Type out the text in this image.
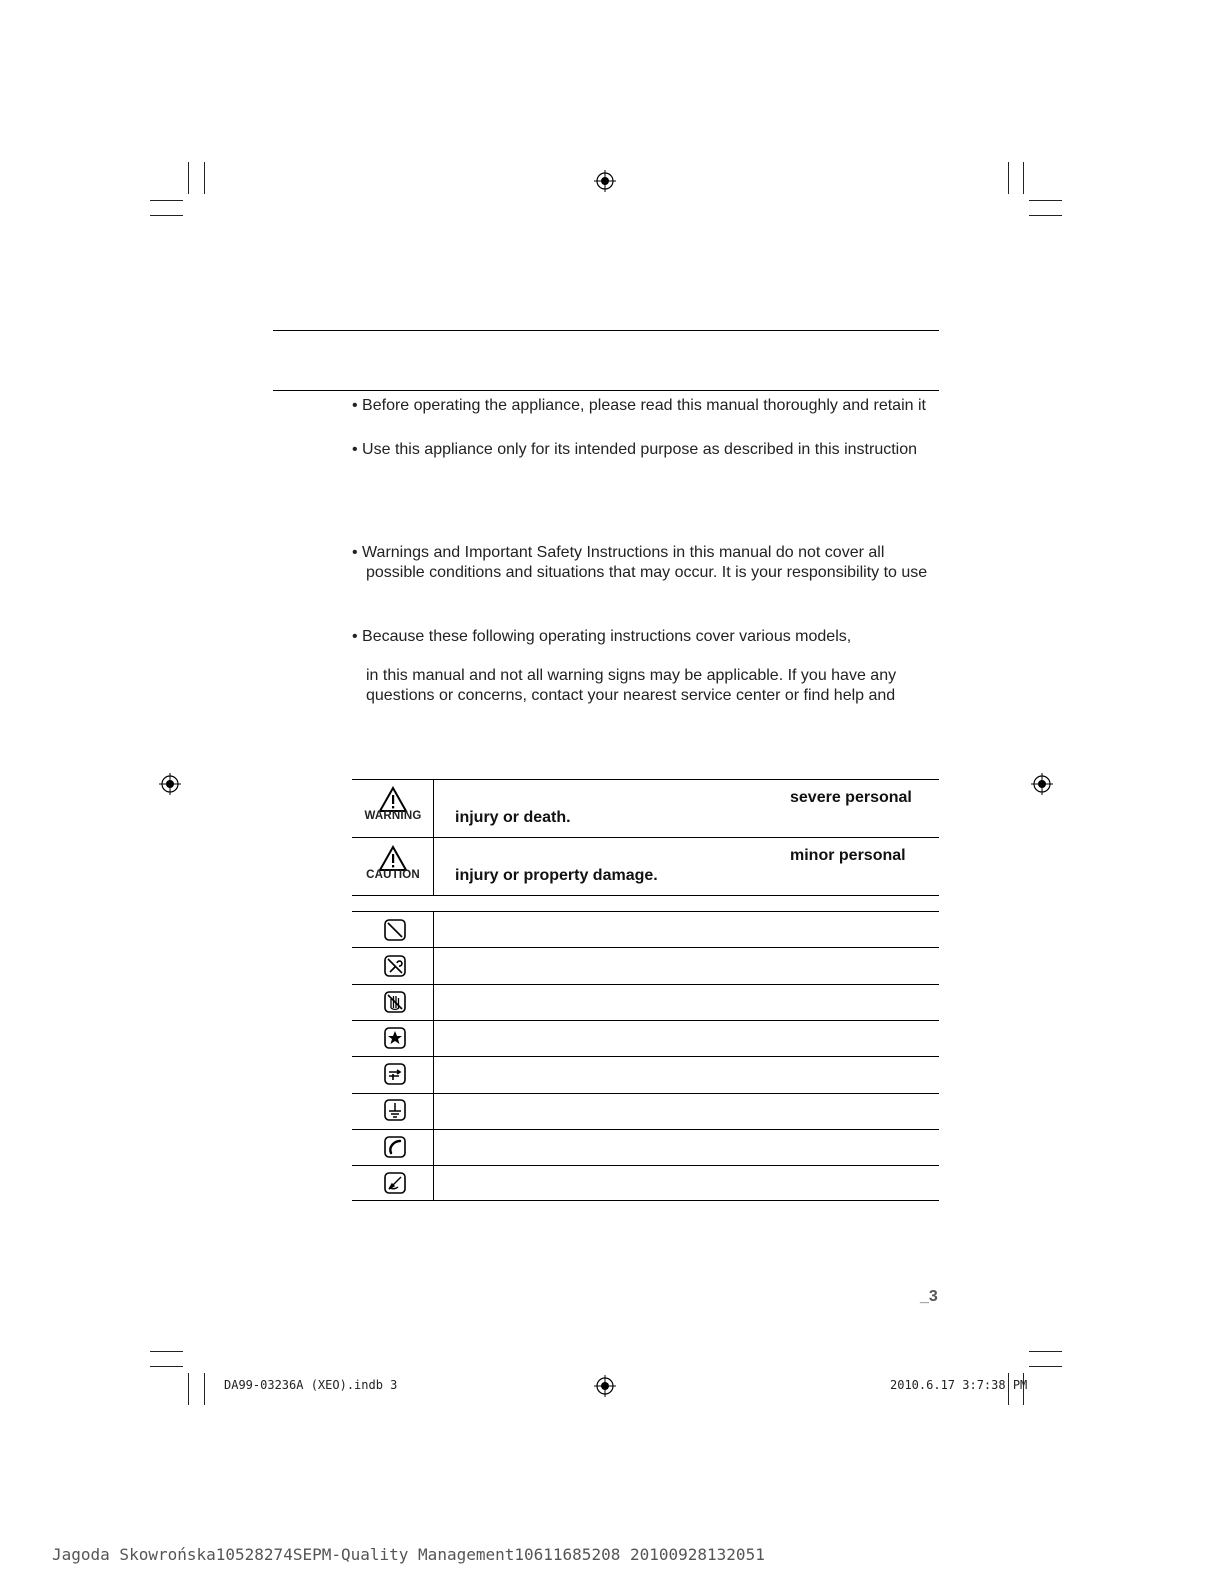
• Before operating the appliance, please read this manual thoroughly and retain it
• Use this appliance only for its intended purpose as described in this instruction
• Warnings and Important Safety Instructions in this manual do not cover all
possible conditions and situations that may occur. It is your responsibility to use
• Because these following operating instructions cover various models,
in this manual and not all warning signs may be applicable. If you have any
questions or concerns, contact your nearest service center or find help and
WARNING
severe personal
injury or death.
CAUTION
minor personal
injury or property damage.
_3
DA99-03236A (XEO).indb 3	2010.6.17 3:7:38 PM
Jagoda Skowrońska10528274SEPM-Quality Management10611685208 20100928132051
